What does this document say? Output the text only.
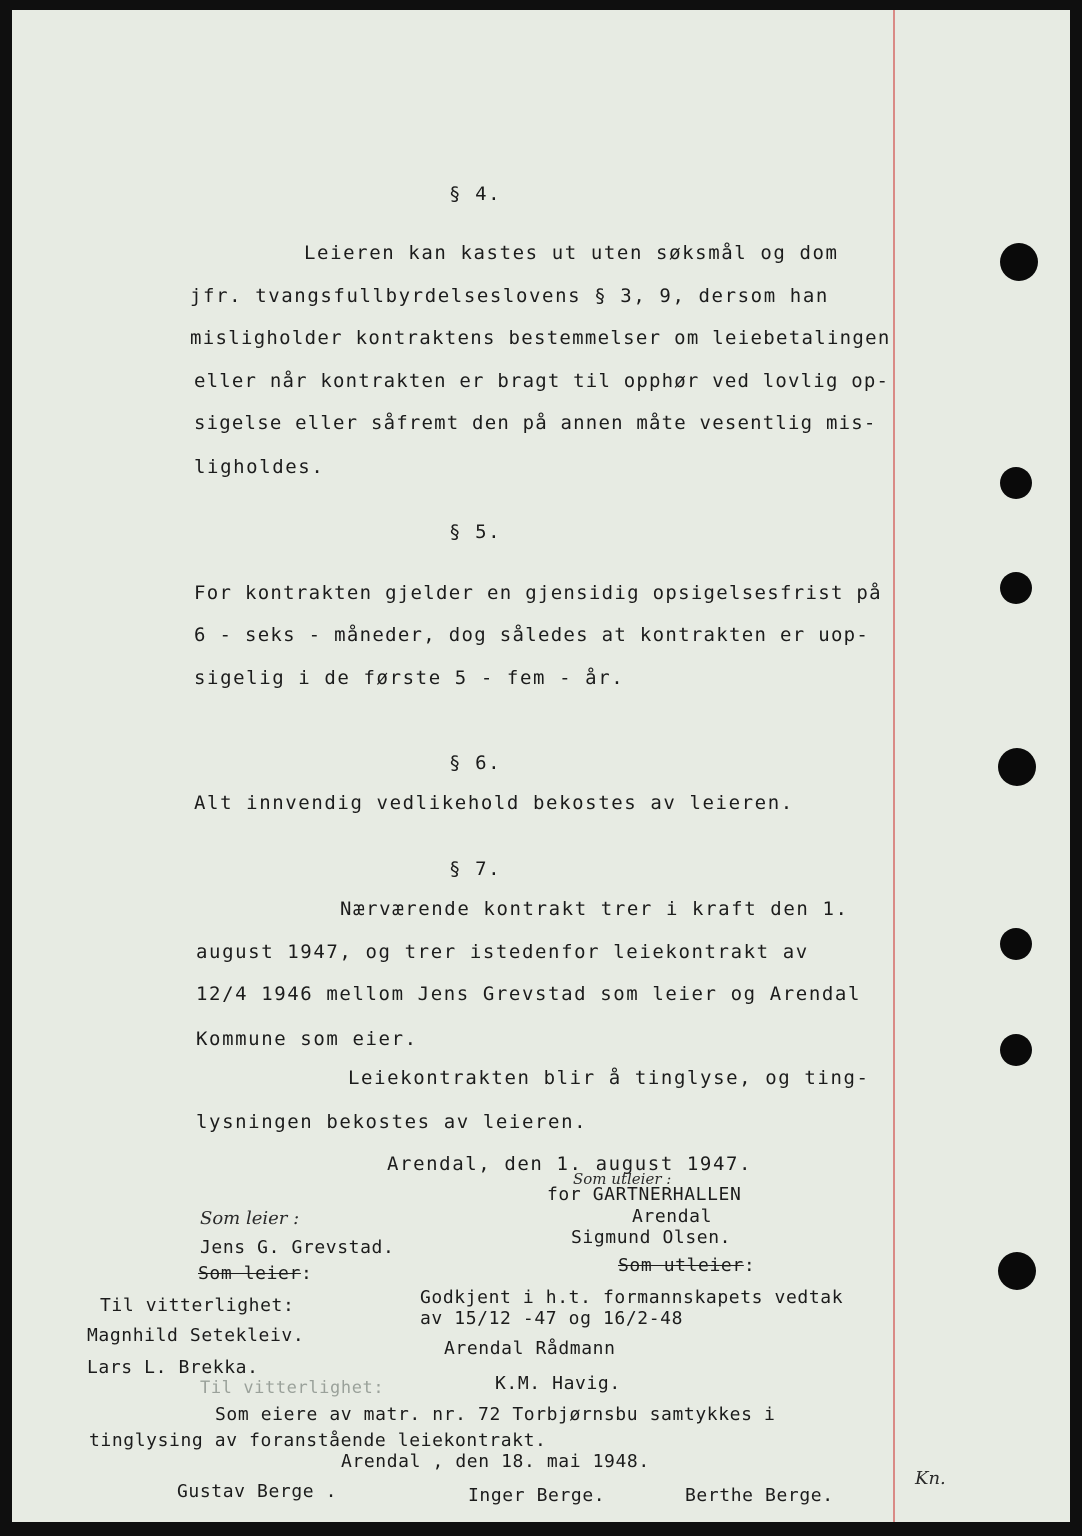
§ 4.
Leieren kan kastes ut uten søksmål og dom
jfr. tvangsfullbyrdelseslovens § 3, 9, dersom han
misligholder kontraktens bestemmelser om leiebetalingen
eller når kontrakten er bragt til opphør ved lovlig op-
sigelse eller såfremt den på annen måte vesentlig mis-
ligholdes.
§ 5.
For kontrakten gjelder en gjensidig opsigelsesfrist på
6 - seks - måneder, dog således at kontrakten er uop-
sigelig i de første 5 - fem - år.
§ 6.
Alt innvendig vedlikehold bekostes av leieren.
§ 7.
Nærværende kontrakt trer i kraft den 1.
august 1947, og trer istedenfor leiekontrakt av
12/4 1946 mellom Jens Grevstad som leier og Arendal
Kommune som eier.
Leiekontrakten blir å tinglyse, og ting-
lysningen bekostes av leieren.
Arendal, den 1. august 1947.
Som utleier :
for GARTNERHALLEN
Arendal
Sigmund Olsen.
Som utleier:
Som leier :
Jens G. Grevstad.
Som leier:
Godkjent i h.t. formannskapets vedtak
av 15/12 -47 og 16/2-48
Arendal Rådmann
K.M. Havig.
Til vitterlighet:
Magnhild Setekleiv.
Lars L. Brekka.
Til vitterlighet:
Som eiere av matr. nr. 72 Torbjørnsbu samtykkes i
tinglysing av foranstående leiekontrakt.
Arendal , den 18. mai 1948.
Gustav Berge .	Inger Berge.	Berthe Berge.
Kn.
